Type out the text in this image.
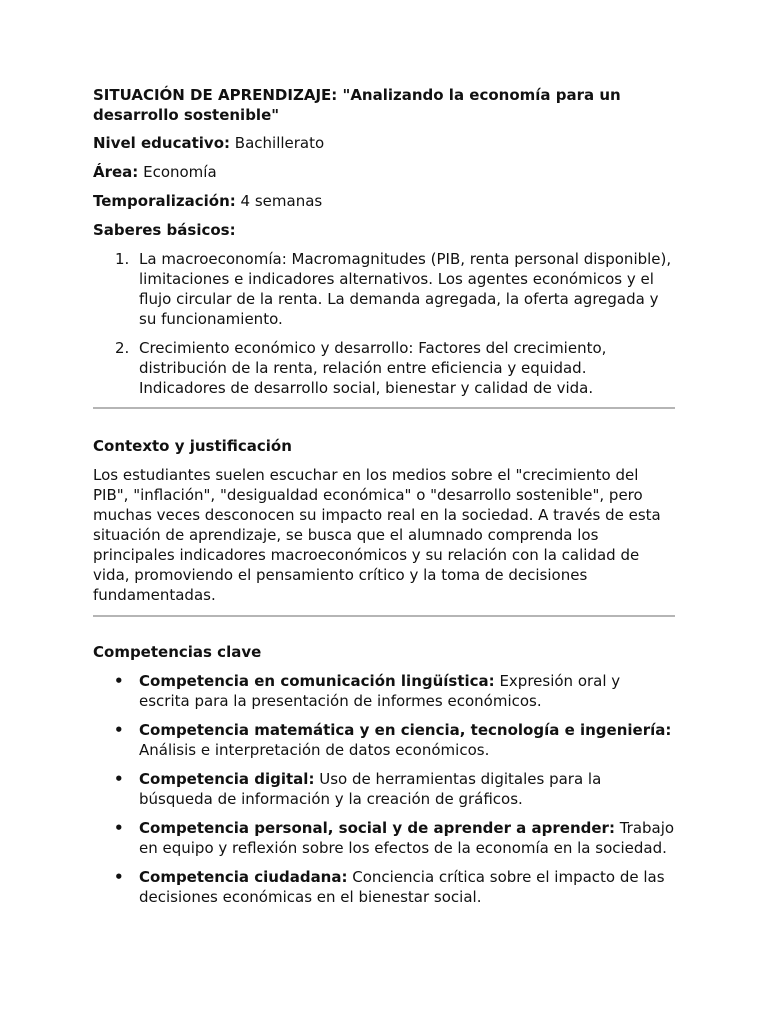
SITUACIÓN DE APRENDIZAJE: "Analizando la economía para un desarrollo sostenible"
Nivel educativo: Bachillerato
Área: Economía
Temporalización: 4 semanas
Saberes básicos:
1. La macroeconomía: Macromagnitudes (PIB, renta personal disponible), limitaciones e indicadores alternativos. Los agentes económicos y el flujo circular de la renta. La demanda agregada, la oferta agregada y su funcionamiento.
2. Crecimiento económico y desarrollo: Factores del crecimiento, distribución de la renta, relación entre eficiencia y equidad. Indicadores de desarrollo social, bienestar y calidad de vida.
Contexto y justificación

Los estudiantes suelen escuchar en los medios sobre el "crecimiento del PIB", "inflación", "desigualdad económica" o "desarrollo sostenible", pero muchas veces desconocen su impacto real en la sociedad. A través de esta situación de aprendizaje, se busca que el alumnado comprenda los principales indicadores macroeconómicos y su relación con la calidad de vida, promoviendo el pensamiento crítico y la toma de decisiones fundamentadas.

Competencias clave
• Competencia en comunicación lingüística: Expresión oral y escrita para la presentación de informes económicos.
• Competencia matemática y en ciencia, tecnología e ingeniería: Análisis e interpretación de datos económicos.
• Competencia digital: Uso de herramientas digitales para la búsqueda de información y la creación de gráficos.
• Competencia personal, social y de aprender a aprender: Trabajo en equipo y reflexión sobre los efectos de la economía en la sociedad.
• Competencia ciudadana: Conciencia crítica sobre el impacto de las decisiones económicas en el bienestar social.
